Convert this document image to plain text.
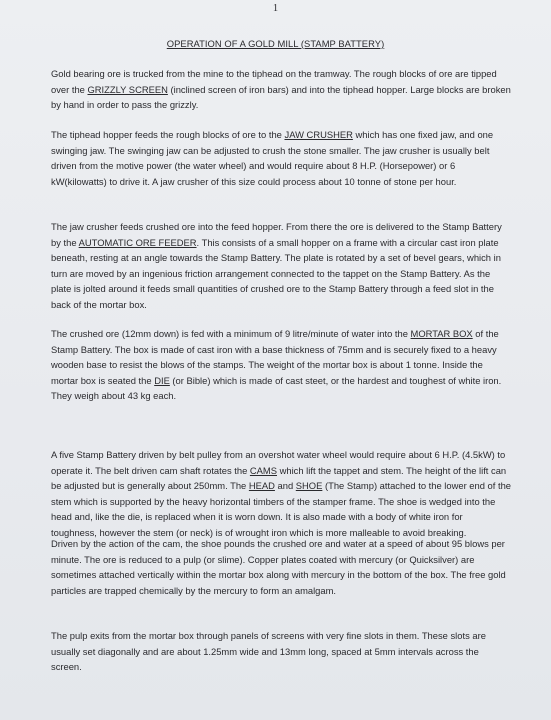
1
OPERATION OF A GOLD MILL (STAMP BATTERY)

Gold bearing ore is trucked from the mine to the tiphead on the tramway. The rough blocks of ore are tipped over the GRIZZLY SCREEN (inclined screen of iron bars) and into the tiphead hopper. Large blocks are broken by hand in order to pass the grizzly.

The tiphead hopper feeds the rough blocks of ore to the JAW CRUSHER which has one fixed jaw, and one swinging jaw. The swinging jaw can be adjusted to crush the stone smaller. The jaw crusher is usually belt driven from the motive power (the water wheel) and would require about 8 H.P. (Horsepower) or 6 kW(kilowatts) to drive it. A jaw crusher of this size could process about 10 tonne of stone per hour.

The jaw crusher feeds crushed ore into the feed hopper. From there the ore is delivered to the Stamp Battery by the AUTOMATIC ORE FEEDER. This consists of a small hopper on a frame with a circular cast iron plate beneath, resting at an angle towards the Stamp Battery. The plate is rotated by a set of bevel gears, which in turn are moved by an ingenious friction arrangement connected to the tappet on the Stamp Battery. As the plate is jolted around it feeds small quantities of crushed ore to the Stamp Battery through a feed slot in the back of the mortar box.

The crushed ore (12mm down) is fed with a minimum of 9 litre/minute of water into the MORTAR BOX of the Stamp Battery. The box is made of cast iron with a base thickness of 75mm and is securely fixed to a heavy wooden base to resist the blows of the stamps. The weight of the mortar box is about 1 tonne. Inside the mortar box is seated the DIE (or Bible) which is made of cast steet, or the hardest and toughest of white iron. They weigh about 43 kg each.

A five Stamp Battery driven by belt pulley from an overshot water wheel would require about 6 H.P. (4.5kW) to operate it. The belt driven cam shaft rotates the CAMS which lift the tappet and stem. The height of the lift can be adjusted but is generally about 250mm. The HEAD and SHOE (The Stamp) attached to the lower end of the stem which is supported by the heavy horizontal timbers of the stamper frame. The shoe is wedged into the head and, like the die, is replaced when it is worn down. It is also made with a body of white iron for toughness, however the stem (or neck) is of wrought iron which is more malleable to avoid breaking.

Driven by the action of the cam, the shoe pounds the crushed ore and water at a speed of about 95 blows per minute. The ore is reduced to a pulp (or slime). Copper plates coated with mercury (or Quicksilver) are sometimes attached vertically within the mortar box along with mercury in the bottom of the box. The free gold particles are trapped chemically by the mercury to form an amalgam.

The pulp exits from the mortar box through panels of screens with very fine slots in them. These slots are usually set diagonally and are about 1.25mm wide and 13mm long, spaced at 5mm intervals across the screen.
